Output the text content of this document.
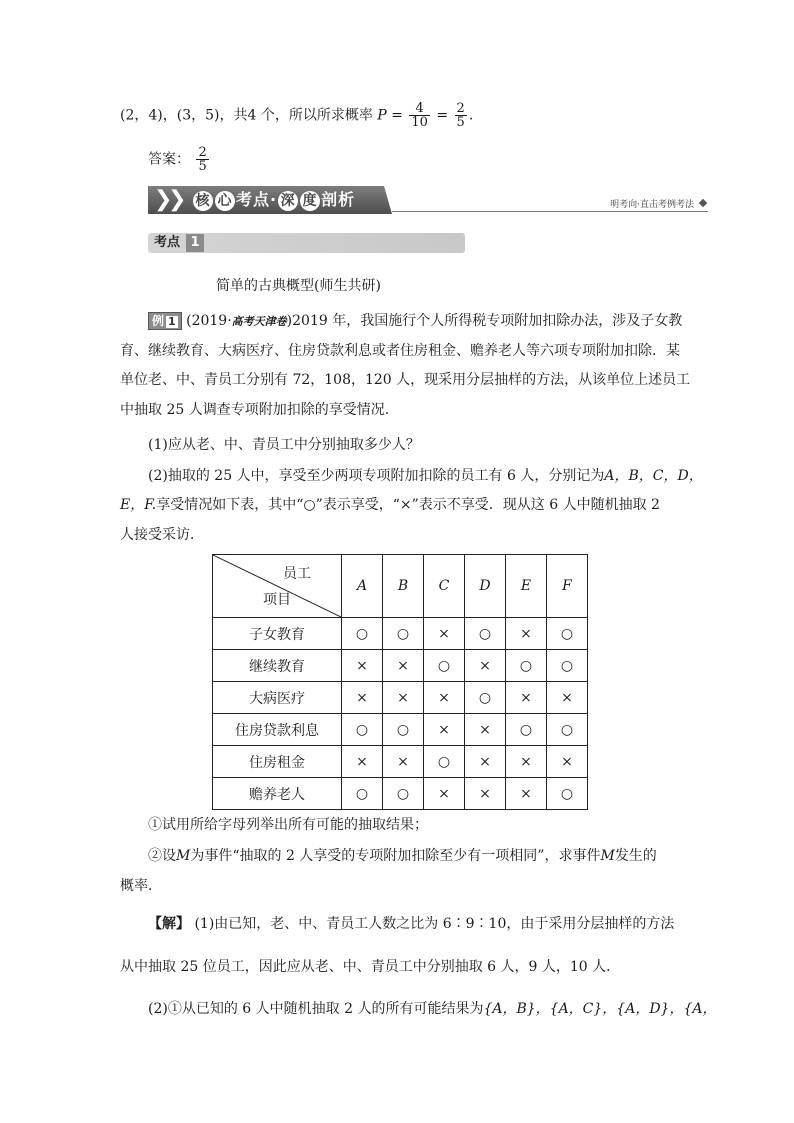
(2，4)，(3，5)，共4 个，所以所求概率 $P = \frac{4}{10} = \frac{2}{5}$ .
答案： $\frac{2}{5}$
❯
❯ 核 心 考点· 深 度 剖析	明考向·直击考例考法
考点 1
简单的古典概型(师生共研)
例 1 (2019·高考天津卷)2019 年，我国施行个人所得税专项附加扣除办法，涉及子女教
育、继续教育、大病医疗、住房贷款利息或者住房租金、赡养老人等六项专项附加扣除．某
单位老、中、青员工分别有 72，108，120 人，现采用分层抽样的方法，从该单位上述员工
中抽取 25 人调查专项附加扣除的享受情况．
(1)应从老、中、青员工中分别抽取多少人？
(2)抽取的 25 人中，享受至少两项专项附加扣除的员工有 6 人，分别记为A，B，C，D，
E，F.享受情况如下表，其中“○”表示享受，“×”表示不享受．现从这 6 人中随机抽取 2
人接受采访．
员工
项目	A	B	C	D	E	F
子女教育	○	○	×	○	×	○
继续教育	×	×	○	×	○	○
大病医疗	×	×	×	○	×	×
住房贷款利息	○	○	×	×	○	○
住房租金	×	×	○	×	×	×
赡养老人	○	○	×	×	×	○
①试用所给字母列举出所有可能的抽取结果；
②设M为事件“抽取的 2 人享受的专项附加扣除至少有一项相同”，求事件M发生的
概率．
【解】 (1)由已知，老、中、青员工人数之比为 6∶9∶10，由于采用分层抽样的方法
从中抽取 25 位员工，因此应从老、中、青员工中分别抽取 6 人，9 人，10 人．
(2)①从已知的 6 人中随机抽取 2 人的所有可能结果为{A，B}，{A，C}，{A，D}，{A，
